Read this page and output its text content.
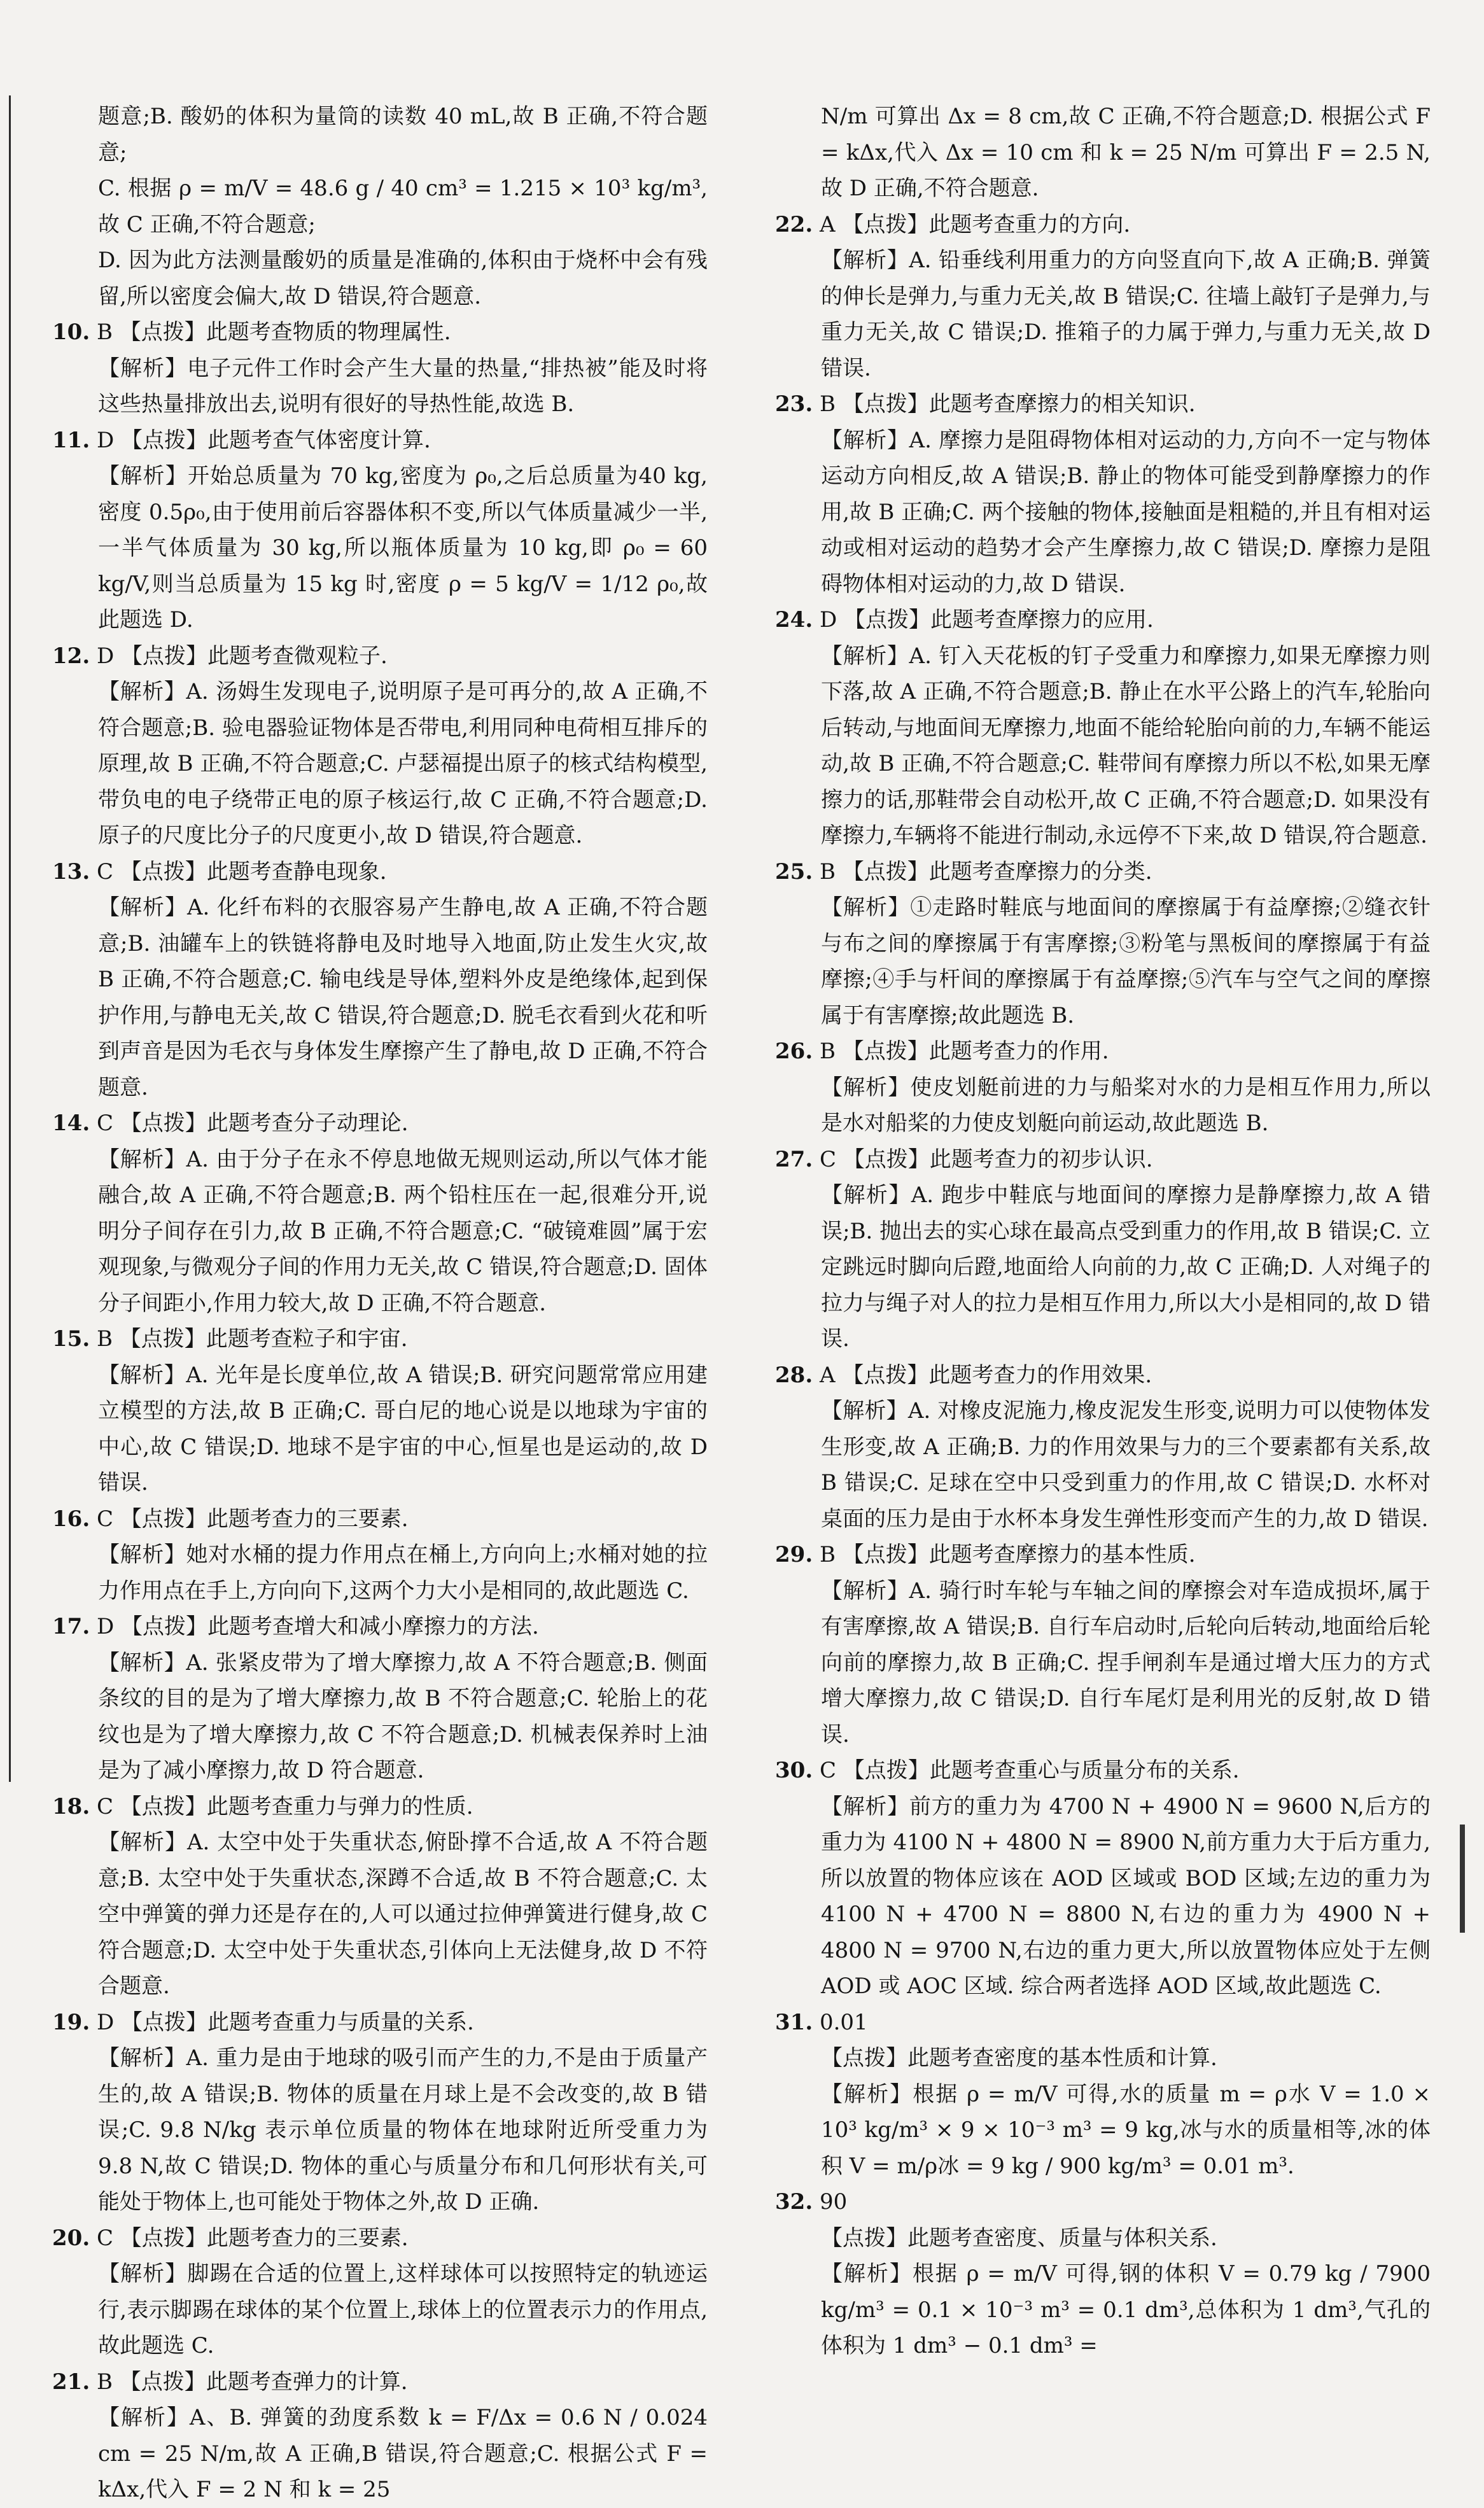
题意;B. 酸奶的体积为量筒的读数 40 mL,故 B 正确,不符合题意;

C. 根据 ρ = m/V = 48.6 g / 40 cm³ = 1.215 × 10³ kg/m³,故 C 正确,不符合题意;

D. 因为此方法测量酸奶的质量是准确的,体积由于烧杯中会有残留,所以密度会偏大,故 D 错误,符合题意.

10. B 【点拨】此题考查物质的物理属性.

【解析】电子元件工作时会产生大量的热量,“排热被”能及时将这些热量排放出去,说明有很好的导热性能,故选 B.

11. D 【点拨】此题考查气体密度计算.

【解析】开始总质量为 70 kg,密度为 ρ₀,之后总质量为40 kg,密度 0.5ρ₀,由于使用前后容器体积不变,所以气体质量减少一半,一半气体质量为 30 kg,所以瓶体质量为 10 kg,即 ρ₀ = 60 kg/V,则当总质量为 15 kg 时,密度 ρ = 5 kg/V = 1/12 ρ₀,故此题选 D.

12. D 【点拨】此题考查微观粒子.

【解析】A. 汤姆生发现电子,说明原子是可再分的,故 A 正确,不符合题意;B. 验电器验证物体是否带电,利用同种电荷相互排斥的原理,故 B 正确,不符合题意;C. 卢瑟福提出原子的核式结构模型,带负电的电子绕带正电的原子核运行,故 C 正确,不符合题意;D. 原子的尺度比分子的尺度更小,故 D 错误,符合题意.

13. C 【点拨】此题考查静电现象.

【解析】A. 化纤布料的衣服容易产生静电,故 A 正确,不符合题意;B. 油罐车上的铁链将静电及时地导入地面,防止发生火灾,故 B 正确,不符合题意;C. 输电线是导体,塑料外皮是绝缘体,起到保护作用,与静电无关,故 C 错误,符合题意;D. 脱毛衣看到火花和听到声音是因为毛衣与身体发生摩擦产生了静电,故 D 正确,不符合题意.

14. C 【点拨】此题考查分子动理论.

【解析】A. 由于分子在永不停息地做无规则运动,所以气体才能融合,故 A 正确,不符合题意;B. 两个铅柱压在一起,很难分开,说明分子间存在引力,故 B 正确,不符合题意;C. “破镜难圆”属于宏观现象,与微观分子间的作用力无关,故 C 错误,符合题意;D. 固体分子间距小,作用力较大,故 D 正确,不符合题意.

15. B 【点拨】此题考查粒子和宇宙.

【解析】A. 光年是长度单位,故 A 错误;B. 研究问题常常应用建立模型的方法,故 B 正确;C. 哥白尼的地心说是以地球为宇宙的中心,故 C 错误;D. 地球不是宇宙的中心,恒星也是运动的,故 D 错误.

16. C 【点拨】此题考查力的三要素.

【解析】她对水桶的提力作用点在桶上,方向向上;水桶对她的拉力作用点在手上,方向向下,这两个力大小是相同的,故此题选 C.

17. D 【点拨】此题考查增大和减小摩擦力的方法.

【解析】A. 张紧皮带为了增大摩擦力,故 A 不符合题意;B. 侧面条纹的目的是为了增大摩擦力,故 B 不符合题意;C. 轮胎上的花纹也是为了增大摩擦力,故 C 不符合题意;D. 机械表保养时上油是为了减小摩擦力,故 D 符合题意.

18. C 【点拨】此题考查重力与弹力的性质.

【解析】A. 太空中处于失重状态,俯卧撑不合适,故 A 不符合题意;B. 太空中处于失重状态,深蹲不合适,故 B 不符合题意;C. 太空中弹簧的弹力还是存在的,人可以通过拉伸弹簧进行健身,故 C 符合题意;D. 太空中处于失重状态,引体向上无法健身,故 D 不符合题意.

19. D 【点拨】此题考查重力与质量的关系.

【解析】A. 重力是由于地球的吸引而产生的力,不是由于质量产生的,故 A 错误;B. 物体的质量在月球上是不会改变的,故 B 错误;C. 9.8 N/kg 表示单位质量的物体在地球附近所受重力为 9.8 N,故 C 错误;D. 物体的重心与质量分布和几何形状有关,可能处于物体上,也可能处于物体之外,故 D 正确.

20. C 【点拨】此题考查力的三要素.

【解析】脚踢在合适的位置上,这样球体可以按照特定的轨迹运行,表示脚踢在球体的某个位置上,球体上的位置表示力的作用点,故此题选 C.

21. B 【点拨】此题考查弹力的计算.

【解析】A、B. 弹簧的劲度系数 k = F/Δx = 0.6 N / 0.024 cm = 25 N/m,故 A 正确,B 错误,符合题意;C. 根据公式 F = kΔx,代入 F = 2 N 和 k = 25

N/m 可算出 Δx = 8 cm,故 C 正确,不符合题意;D. 根据公式 F = kΔx,代入 Δx = 10 cm 和 k = 25 N/m 可算出 F = 2.5 N,故 D 正确,不符合题意.

22. A 【点拨】此题考查重力的方向.

【解析】A. 铅垂线利用重力的方向竖直向下,故 A 正确;B. 弹簧的伸长是弹力,与重力无关,故 B 错误;C. 往墙上敲钉子是弹力,与重力无关,故 C 错误;D. 推箱子的力属于弹力,与重力无关,故 D 错误.

23. B 【点拨】此题考查摩擦力的相关知识.

【解析】A. 摩擦力是阻碍物体相对运动的力,方向不一定与物体运动方向相反,故 A 错误;B. 静止的物体可能受到静摩擦力的作用,故 B 正确;C. 两个接触的物体,接触面是粗糙的,并且有相对运动或相对运动的趋势才会产生摩擦力,故 C 错误;D. 摩擦力是阻碍物体相对运动的力,故 D 错误.

24. D 【点拨】此题考查摩擦力的应用.

【解析】A. 钉入天花板的钉子受重力和摩擦力,如果无摩擦力则下落,故 A 正确,不符合题意;B. 静止在水平公路上的汽车,轮胎向后转动,与地面间无摩擦力,地面不能给轮胎向前的力,车辆不能运动,故 B 正确,不符合题意;C. 鞋带间有摩擦力所以不松,如果无摩擦力的话,那鞋带会自动松开,故 C 正确,不符合题意;D. 如果没有摩擦力,车辆将不能进行制动,永远停不下来,故 D 错误,符合题意.

25. B 【点拨】此题考查摩擦力的分类.

【解析】①走路时鞋底与地面间的摩擦属于有益摩擦;②缝衣针与布之间的摩擦属于有害摩擦;③粉笔与黑板间的摩擦属于有益摩擦;④手与杆间的摩擦属于有益摩擦;⑤汽车与空气之间的摩擦属于有害摩擦;故此题选 B.

26. B 【点拨】此题考查力的作用.

【解析】使皮划艇前进的力与船桨对水的力是相互作用力,所以是水对船桨的力使皮划艇向前运动,故此题选 B.

27. C 【点拨】此题考查力的初步认识.

【解析】A. 跑步中鞋底与地面间的摩擦力是静摩擦力,故 A 错误;B. 抛出去的实心球在最高点受到重力的作用,故 B 错误;C. 立定跳远时脚向后蹬,地面给人向前的力,故 C 正确;D. 人对绳子的拉力与绳子对人的拉力是相互作用力,所以大小是相同的,故 D 错误.

28. A 【点拨】此题考查力的作用效果.

【解析】A. 对橡皮泥施力,橡皮泥发生形变,说明力可以使物体发生形变,故 A 正确;B. 力的作用效果与力的三个要素都有关系,故 B 错误;C. 足球在空中只受到重力的作用,故 C 错误;D. 水杯对桌面的压力是由于水杯本身发生弹性形变而产生的力,故 D 错误.

29. B 【点拨】此题考查摩擦力的基本性质.

【解析】A. 骑行时车轮与车轴之间的摩擦会对车造成损坏,属于有害摩擦,故 A 错误;B. 自行车启动时,后轮向后转动,地面给后轮向前的摩擦力,故 B 正确;C. 捏手闸刹车是通过增大压力的方式增大摩擦力,故 C 错误;D. 自行车尾灯是利用光的反射,故 D 错误.

30. C 【点拨】此题考查重心与质量分布的关系.

【解析】前方的重力为 4700 N + 4900 N = 9600 N,后方的重力为 4100 N + 4800 N = 8900 N,前方重力大于后方重力,所以放置的物体应该在 AOD 区域或 BOD 区域;左边的重力为 4100 N + 4700 N = 8800 N,右边的重力为 4900 N + 4800 N = 9700 N,右边的重力更大,所以放置物体应处于左侧 AOD 或 AOC 区域. 综合两者选择 AOD 区域,故此题选 C.

31. 0.01

【点拨】此题考查密度的基本性质和计算.

【解析】根据 ρ = m/V 可得,水的质量 m = ρ水 V = 1.0 × 10³ kg/m³ × 9 × 10⁻³ m³ = 9 kg,冰与水的质量相等,冰的体积 V = m/ρ冰 = 9 kg / 900 kg/m³ = 0.01 m³.

32. 90

【点拨】此题考查密度、质量与体积关系.

【解析】根据 ρ = m/V 可得,钢的体积 V = 0.79 kg / 7900 kg/m³ = 0.1 × 10⁻³ m³ = 0.1 dm³,总体积为 1 dm³,气孔的体积为 1 dm³ − 0.1 dm³ =
